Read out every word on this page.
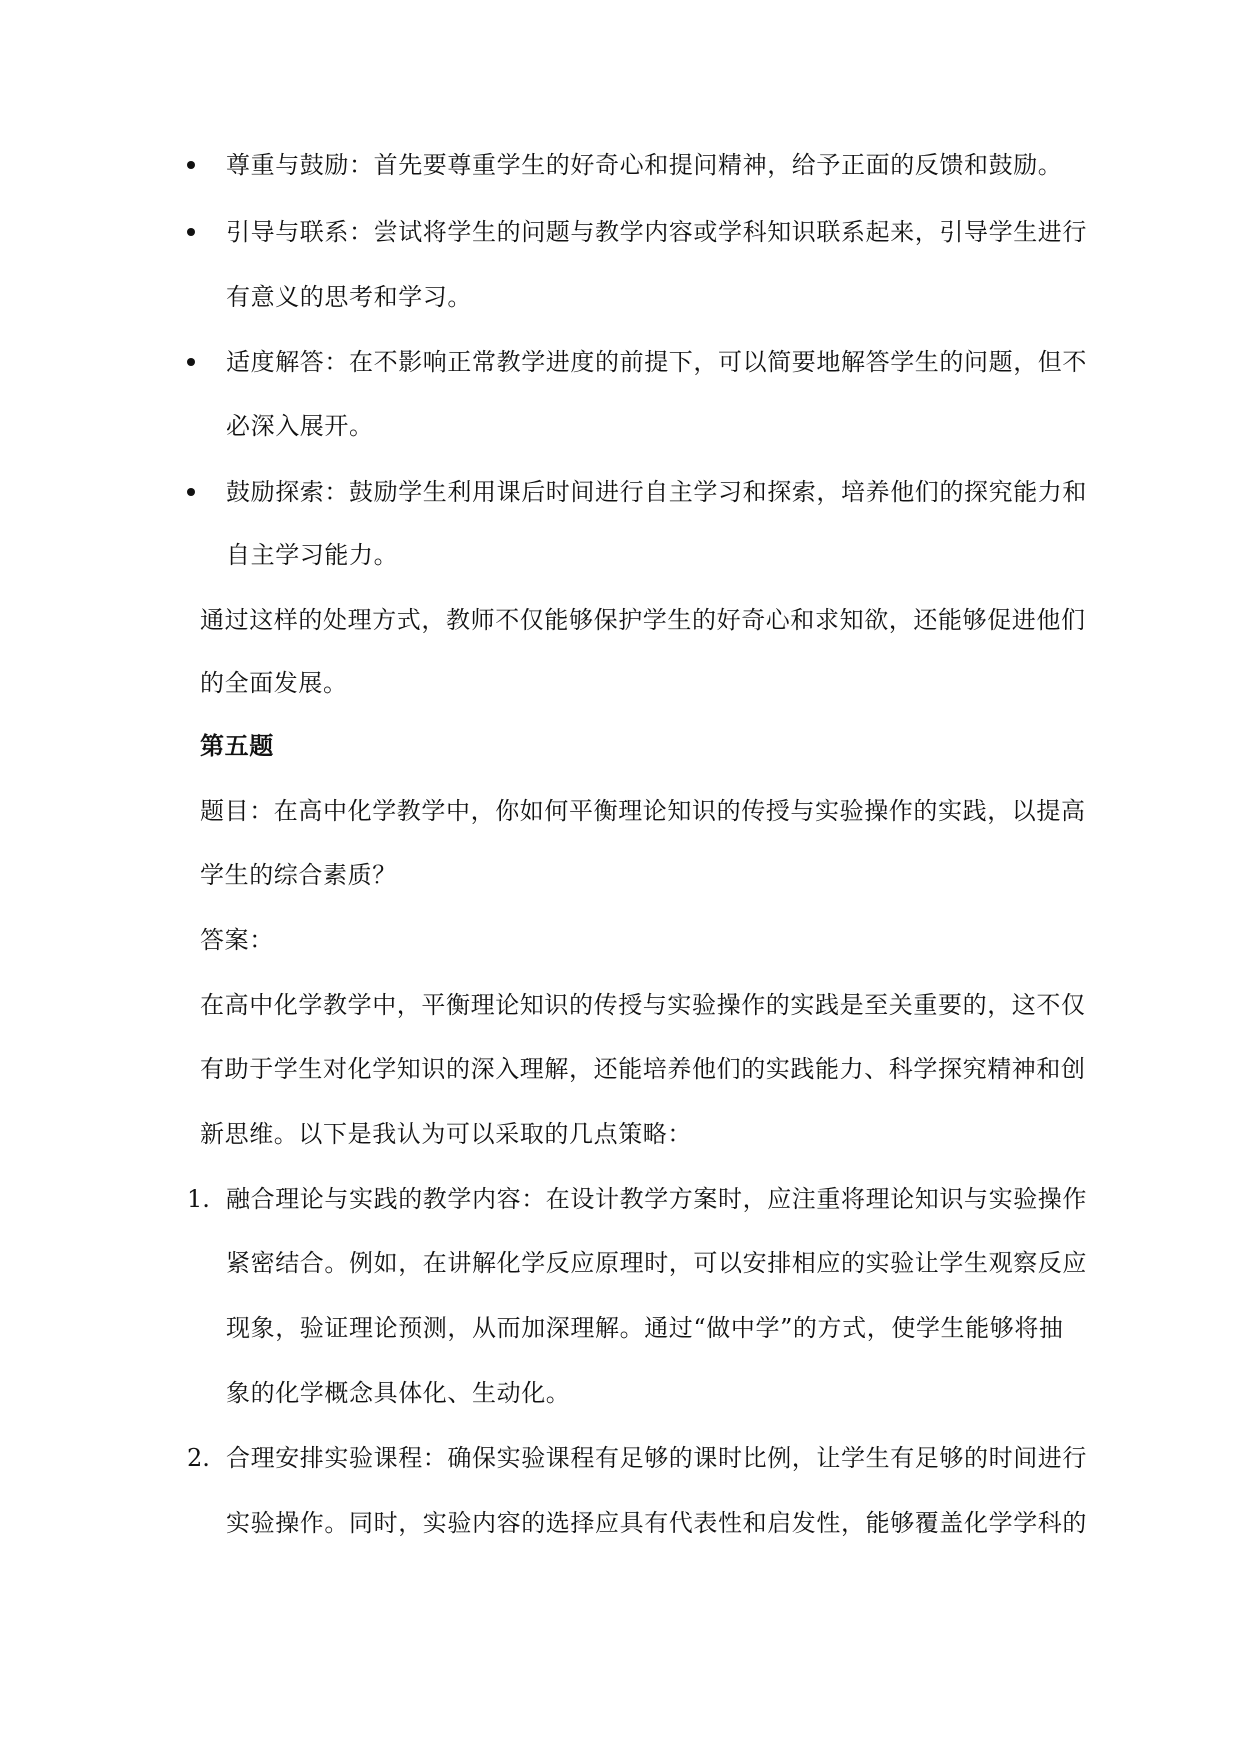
尊重与鼓励：首先要尊重学生的好奇心和提问精神，给予正面的反馈和鼓励。
引导与联系：尝试将学生的问题与教学内容或学科知识联系起来，引导学生进行
有意义的思考和学习。
适度解答：在不影响正常教学进度的前提下，可以简要地解答学生的问题，但不
必深入展开。
鼓励探索：鼓励学生利用课后时间进行自主学习和探索，培养他们的探究能力和
自主学习能力。
通过这样的处理方式，教师不仅能够保护学生的好奇心和求知欲，还能够促进他们
的全面发展。
第五题
题目：在高中化学教学中，你如何平衡理论知识的传授与实验操作的实践，以提高
学生的综合素质？
答案：
在高中化学教学中，平衡理论知识的传授与实验操作的实践是至关重要的，这不仅
有助于学生对化学知识的深入理解，还能培养他们的实践能力、科学探究精神和创
新思维。以下是我认为可以采取的几点策略：
1. 融合理论与实践的教学内容：在设计教学方案时，应注重将理论知识与实验操作
紧密结合。例如，在讲解化学反应原理时，可以安排相应的实验让学生观察反应
现象，验证理论预测，从而加深理解。通过“做中学”的方式，使学生能够将抽
象的化学概念具体化、生动化。
2. 合理安排实验课程：确保实验课程有足够的课时比例，让学生有足够的时间进行
实验操作。同时，实验内容的选择应具有代表性和启发性，能够覆盖化学学科的
